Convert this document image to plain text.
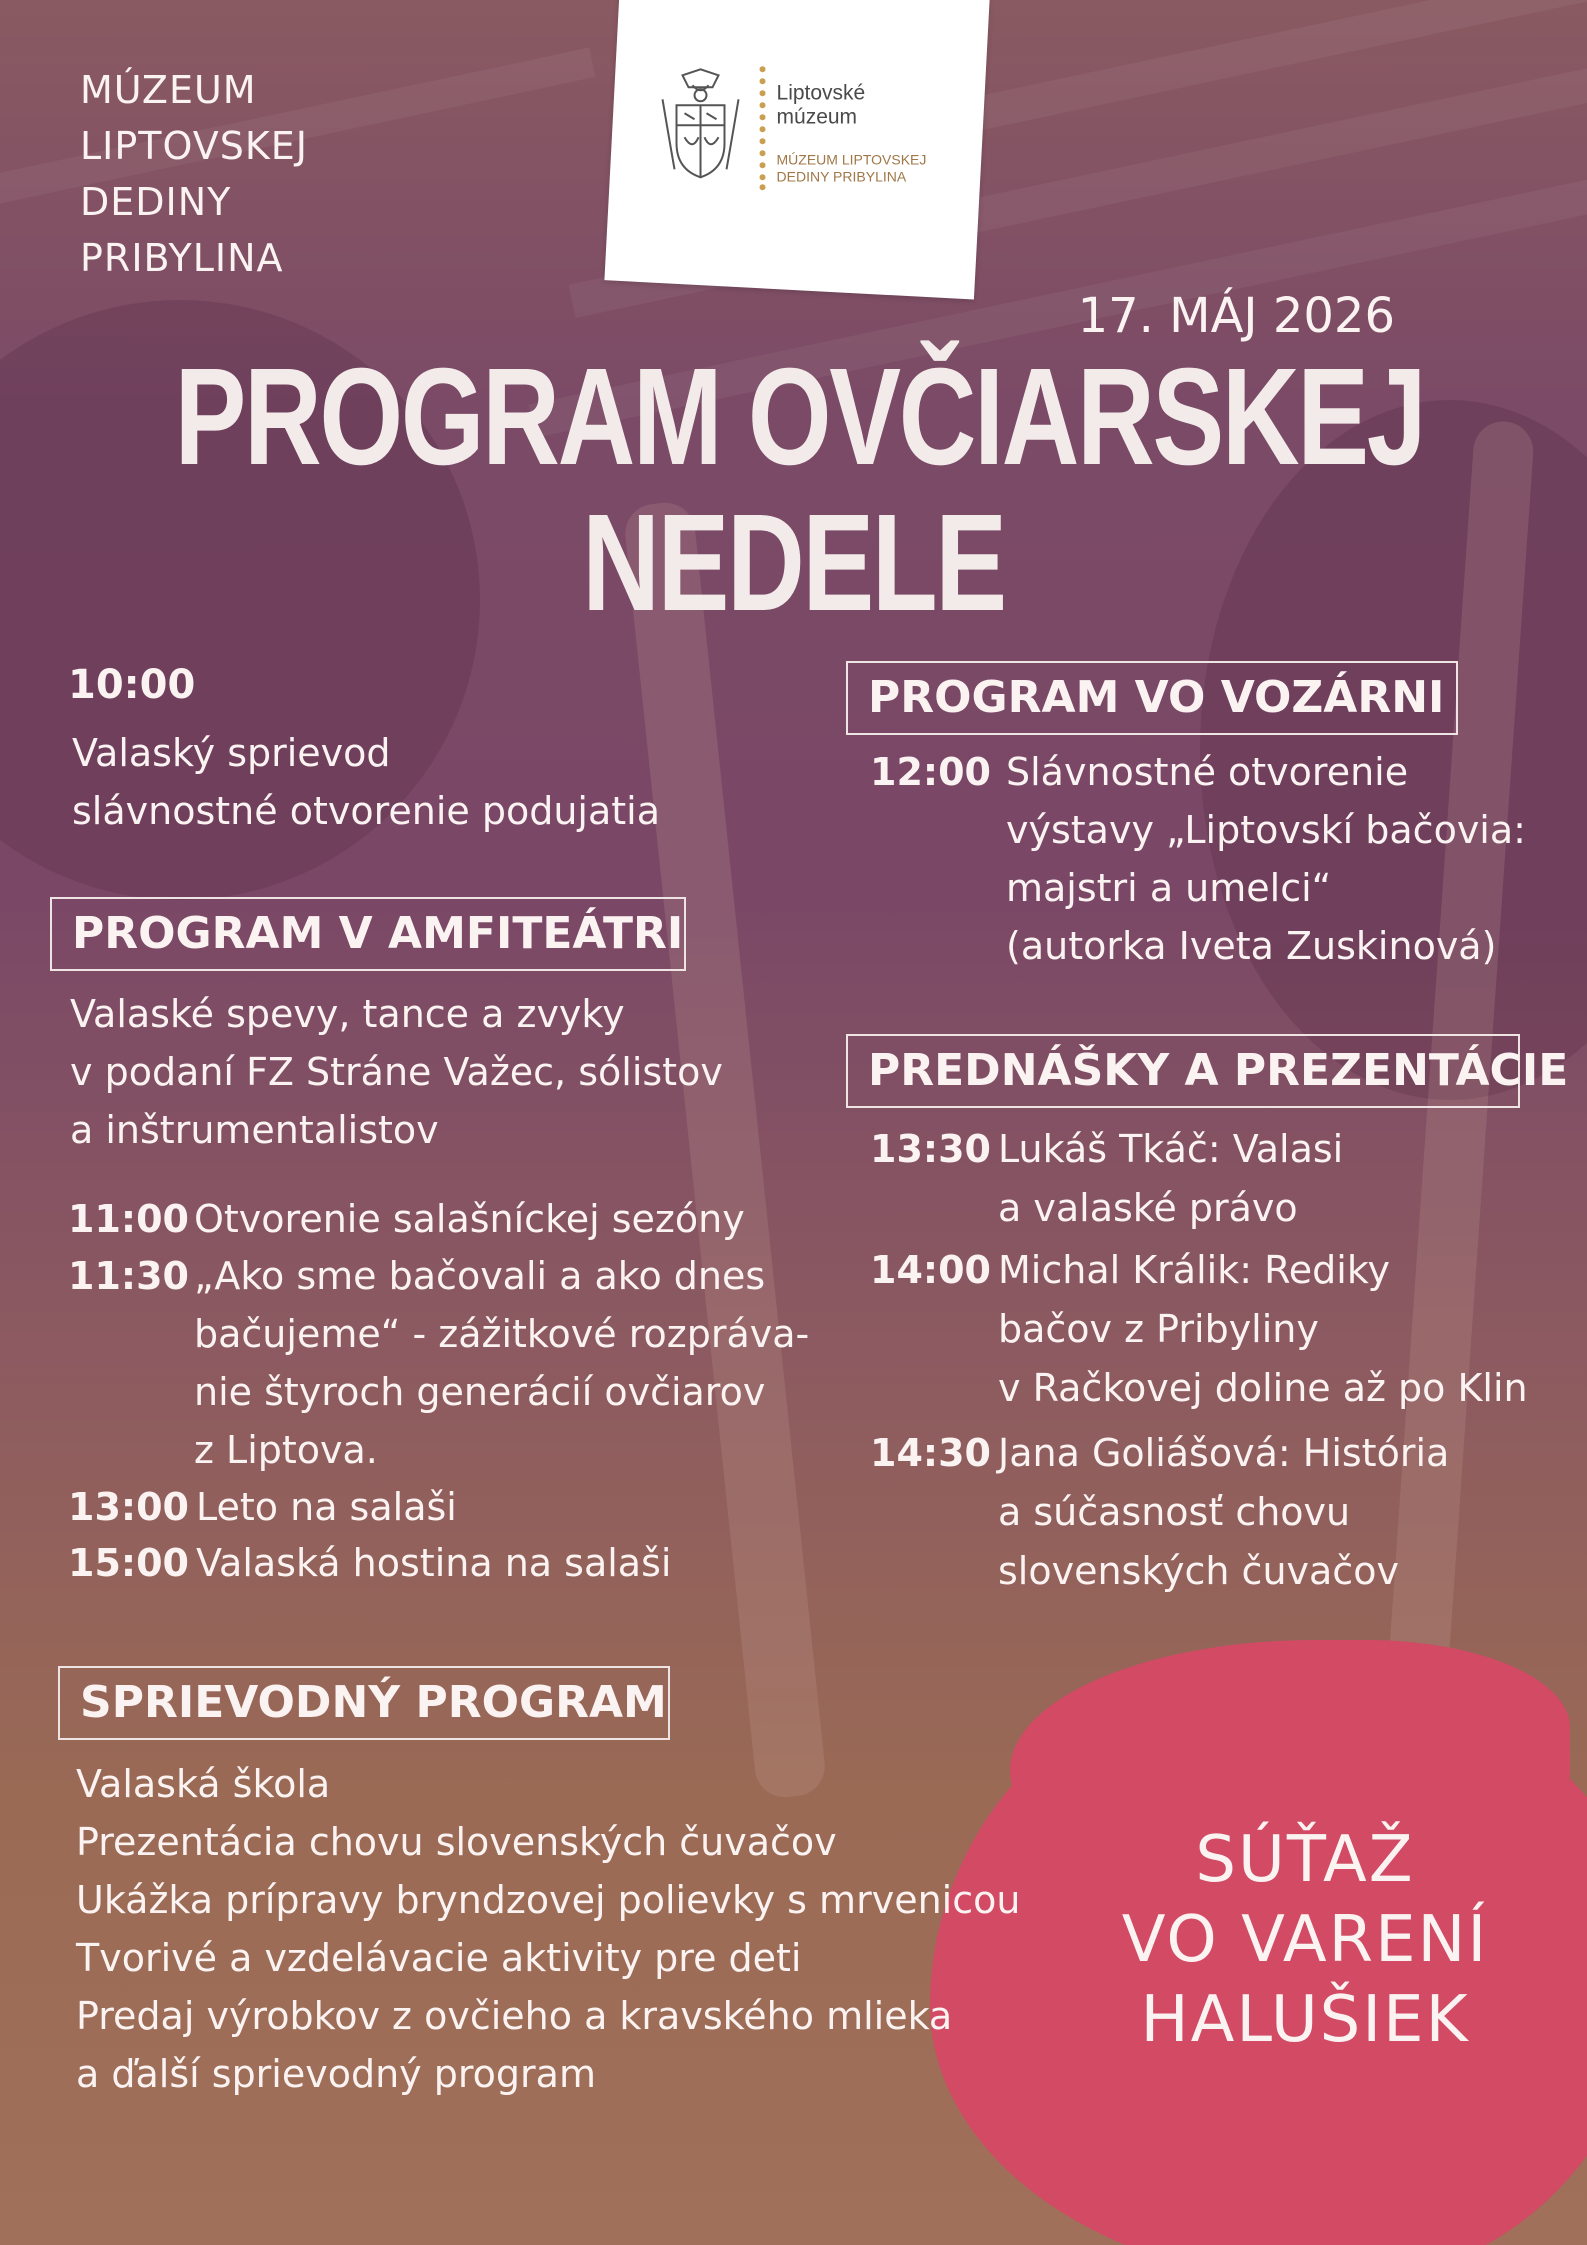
MÚZEUM
LIPTOVSKEJ
DEDINY
PRIBYLINA
Liptovské
múzeum
MÚZEUM LIPTOVSKEJ
DEDINY PRIBYLINA
17. MÁJ 2026
PROGRAM OVČIARSKEJ
NEDELE
10:00
Valaský sprievod
slávnostné otvorenie podujatia
PROGRAM V AMFITEÁTRI
Valaské spevy, tance a zvyky
v podaní FZ Stráne Važec, sólistov
a inštrumentalistov
11:00 Otvorenie salašníckej sezóny
11:30 „Ako sme bačovali a ako dnes
bačujeme“ - zážitkové rozpráva-
nie štyroch generácií ovčiarov
z Liptova.
13:00 Leto na salaši
15:00 Valaská hostina na salaši
PROGRAM VO VOZÁRNI
12:00 Slávnostné otvorenie
výstavy „Liptovskí bačovia:
majstri a umelci“
(autorka Iveta Zuskinová)
PREDNÁŠKY A PREZENTÁCIE
13:30 Lukáš Tkáč: Valasi
a valaské právo
14:00 Michal Králik: Rediky
bačov z Pribyliny
v Račkovej doline až po Klin
14:30 Jana Goliášová: História
a súčasnosť chovu
slovenských čuvačov
SPRIEVODNÝ PROGRAM
Valaská škola
Prezentácia chovu slovenských čuvačov
Ukážka prípravy bryndzovej polievky s mrvenicou
Tvorivé a vzdelávacie aktivity pre deti
Predaj výrobkov z ovčieho a kravského mlieka
a ďalší sprievodný program
SÚŤAŽ
VO VARENÍ
HALUŠIEK
